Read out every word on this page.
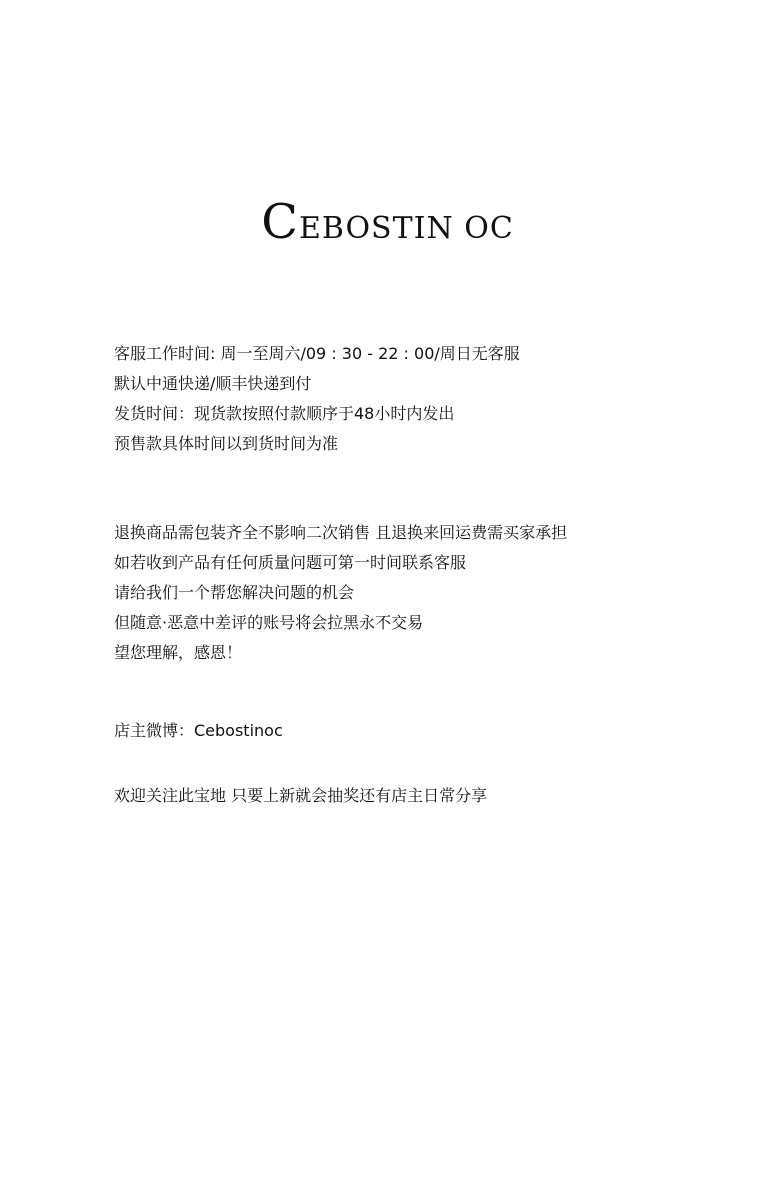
CEBOSTIN OC
客服工作时间: 周一至周六/09 : 30 - 22 : 00/周日无客服
默认中通快递/顺丰快递到付
发货时间：现货款按照付款顺序于48小时内发出
预售款具体时间以到货时间为准
退换商品需包装齐全不影响二次销售 且退换来回运费需买家承担
如若收到产品有任何质量问题可第一时间联系客服
请给我们一个帮您解决问题的机会
但随意·恶意中差评的账号将会拉黑永不交易
望您理解，感恩！
店主微博：Cebostinoc
欢迎关注此宝地 只要上新就会抽奖还有店主日常分享
